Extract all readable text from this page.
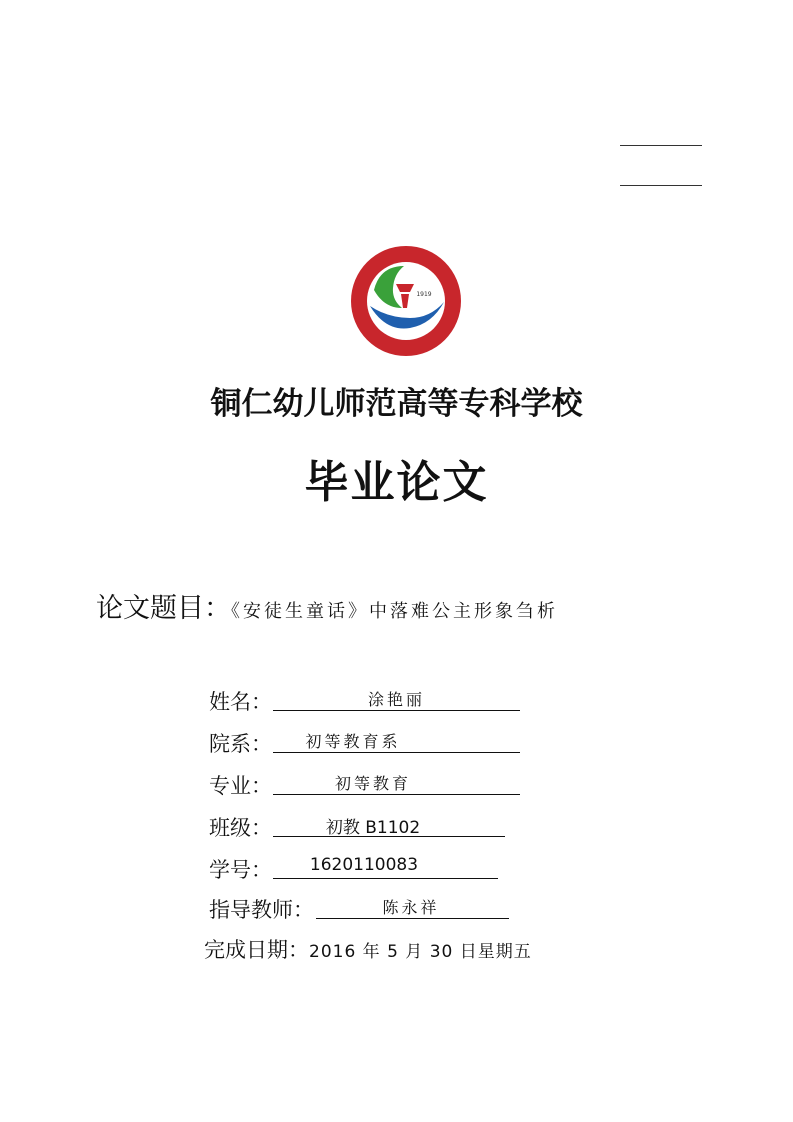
1919
铜仁幼儿师范高等专科学校
毕业论文
论文题目：《安徒生童话》中落难公主形象刍析
姓名：	涂艳丽
院系：	初等教育系
专业：	初等教育
班级：	初教 B1102
学号：	1620110083
指导教师：	陈永祥
完成日期：2016 年 5 月 30 日星期五
